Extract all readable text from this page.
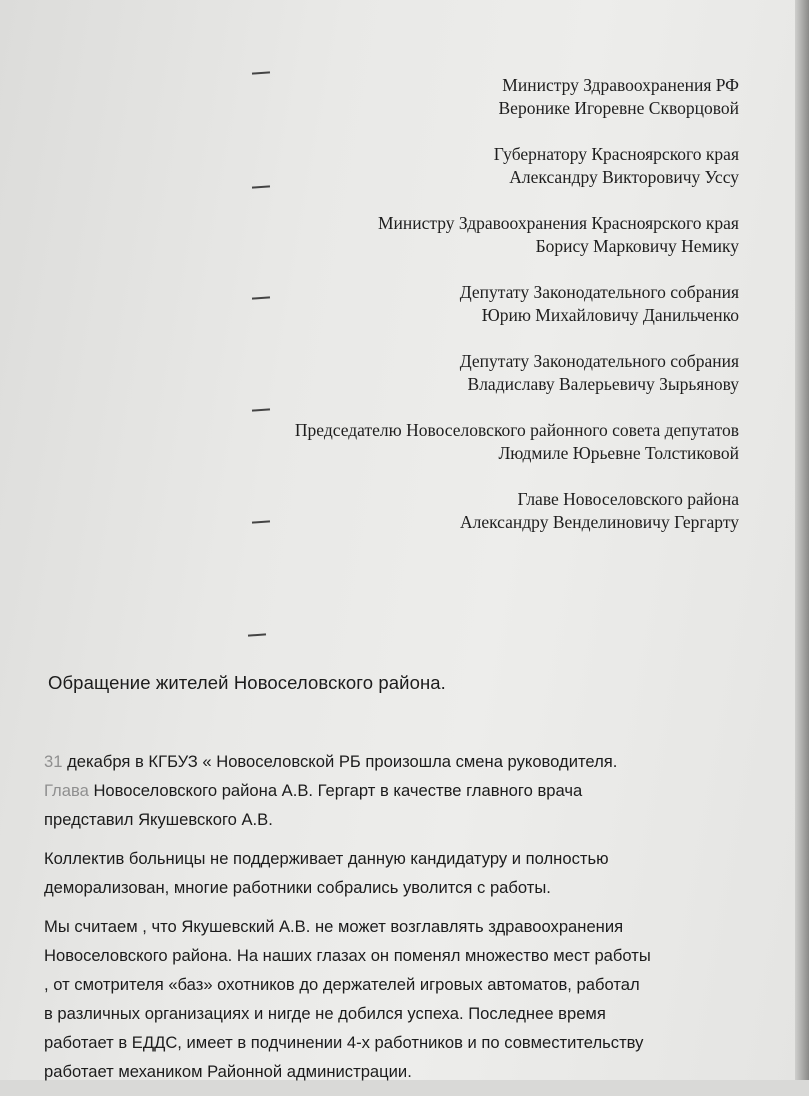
Министру Здравоохранения РФ
Веронике Игоревне Скворцовой
Губернатору Красноярского края
Александру Викторовичу Уссу
Министру Здравоохранения Красноярского края
Борису Марковичу Немику
Депутату Законодательного собрания
Юрию Михайловичу Данильченко
Депутату Законодательного собрания
Владиславу Валерьевичу Зырьянову
Председателю Новоселовского районного совета депутатов
Людмиле Юрьевне Толстиковой
Главе Новоселовского района
Александру Венделиновичу Гергарту
Обращение жителей Новоселовского района.
31 декабря в КГБУЗ « Новоселовской РБ произошла смена руководителя.
Глава Новоселовского района А.В. Гергарт в качестве главного врача
представил Якушевского А.В.
Коллектив больницы не поддерживает данную кандидатуру и полностью
деморализован, многие работники собрались уволится с работы.
Мы считаем , что Якушевский А.В. не может возглавлять здравоохранения
Новоселовского района. На наших глазах он поменял множество мест работы
, от смотрителя «баз» охотников до держателей игровых автоматов, работал
в различных организациях и нигде не добился успеха. Последнее время
работает в ЕДДС, имеет в подчинении 4-х работников и по совместительству
работает механиком Районной администрации.
